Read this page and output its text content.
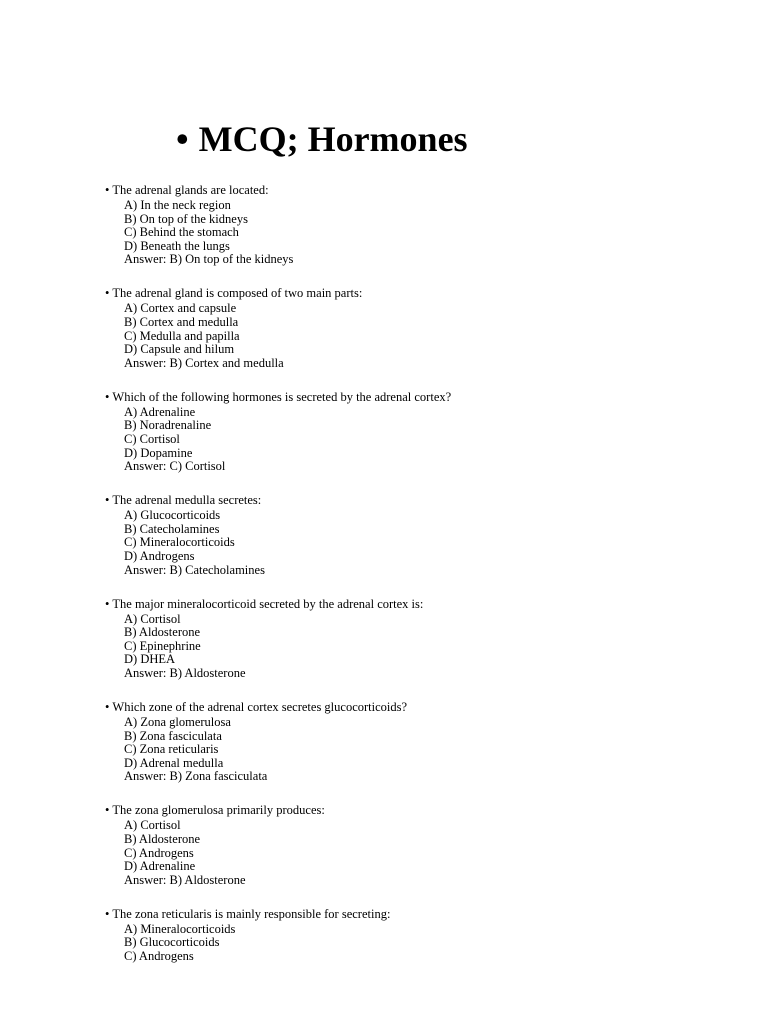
• MCQ; Hormones
• The adrenal glands are located:
A) In the neck region
B) On top of the kidneys
C) Behind the stomach
D) Beneath the lungs
Answer: B) On top of the kidneys
• The adrenal gland is composed of two main parts:
A) Cortex and capsule
B) Cortex and medulla
C) Medulla and papilla
D) Capsule and hilum
Answer: B) Cortex and medulla
• Which of the following hormones is secreted by the adrenal cortex?
A) Adrenaline
B) Noradrenaline
C) Cortisol
D) Dopamine
Answer: C) Cortisol
• The adrenal medulla secretes:
A) Glucocorticoids
B) Catecholamines
C) Mineralocorticoids
D) Androgens
Answer: B) Catecholamines
• The major mineralocorticoid secreted by the adrenal cortex is:
A) Cortisol
B) Aldosterone
C) Epinephrine
D) DHEA
Answer: B) Aldosterone
• Which zone of the adrenal cortex secretes glucocorticoids?
A) Zona glomerulosa
B) Zona fasciculata
C) Zona reticularis
D) Adrenal medulla
Answer: B) Zona fasciculata
• The zona glomerulosa primarily produces:
A) Cortisol
B) Aldosterone
C) Androgens
D) Adrenaline
Answer: B) Aldosterone
• The zona reticularis is mainly responsible for secreting:
A) Mineralocorticoids
B) Glucocorticoids
C) Androgens
